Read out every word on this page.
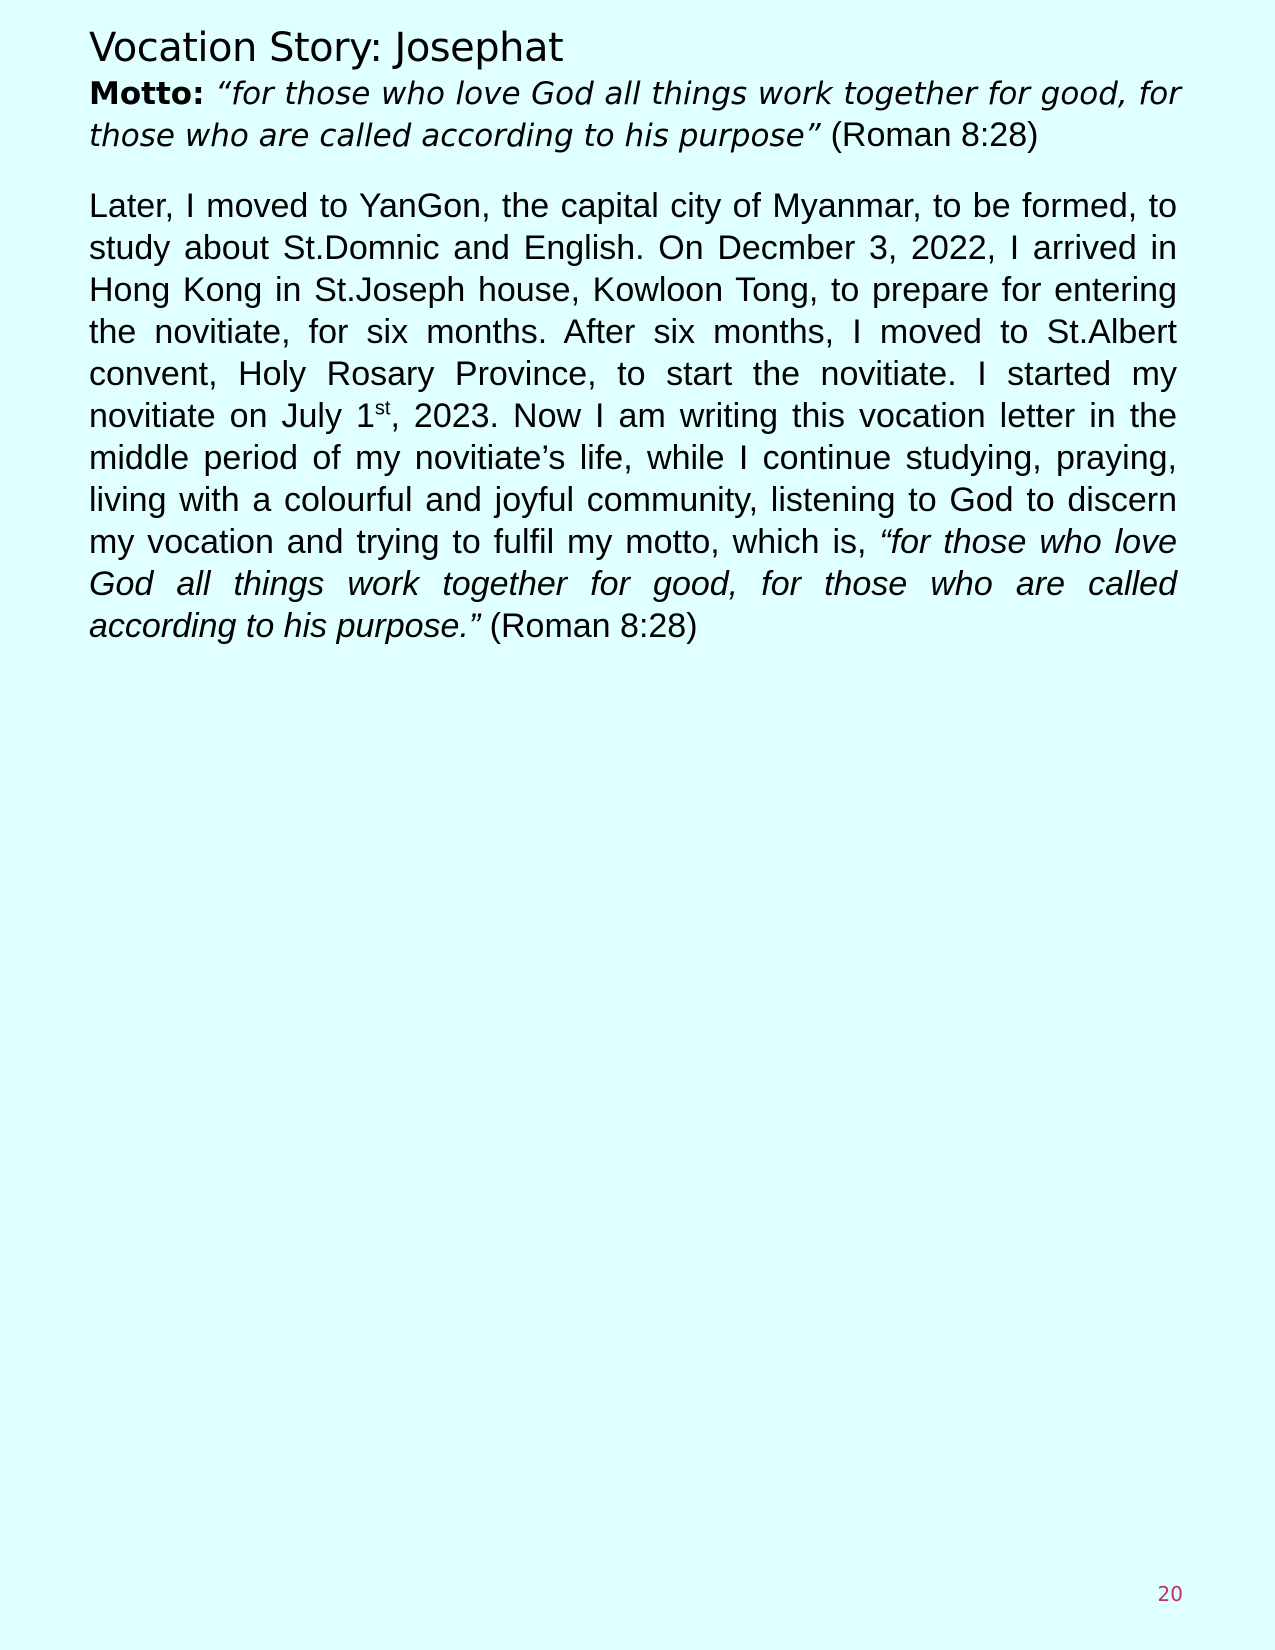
Vocation Story: Josephat

Motto: “for those who love God all things work together for good, for those who are called according to his purpose” (Roman 8:28)

Later, I moved to YanGon, the capital city of Myanmar, to be formed, to study about St.Domnic and English. On Decmber 3, 2022, I arrived in Hong Kong in St.Joseph house, Kowloon Tong, to prepare for entering the novitiate, for six months. After six months, I moved to St.Albert convent, Holy Rosary Province, to start the novitiate. I started my novitiate on July 1st, 2023. Now I am writing this vocation letter in the middle period of my novitiate’s life, while I continue studying, praying, living with a colourful and joyful community, listening to God to discern my vocation and trying to fulfil my motto, which is, “for those who love God all things work together for good, for those who are called according to his purpose.” (Roman 8:28)

20
